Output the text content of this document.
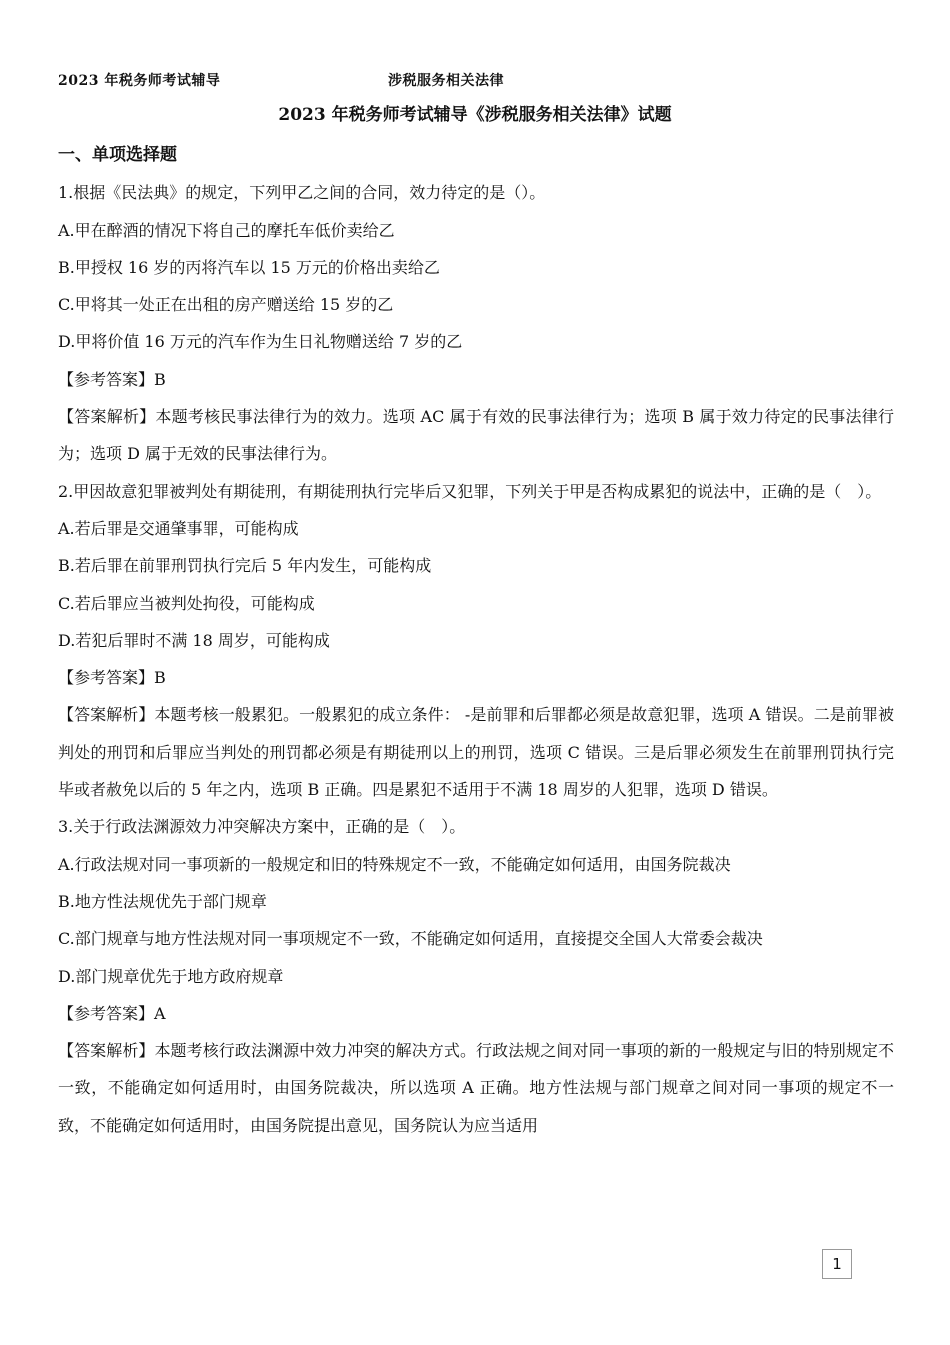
2023 年税务师考试辅导	涉税服务相关法律
2023 年税务师考试辅导《涉税服务相关法律》试题

一、单项选择题

1.根据《民法典》的规定，下列甲乙之间的合同，效力待定的是（）。

A.甲在醉酒的情况下将自己的摩托车低价卖给乙

B.甲授权 16 岁的丙将汽车以 15 万元的价格出卖给乙

C.甲将其一处正在出租的房产赠送给 15 岁的乙

D.甲将价值 16 万元的汽车作为生日礼物赠送给 7 岁的乙

【参考答案】B

【答案解析】本题考核民事法律行为的效力。选项 AC 属于有效的民事法律行为；选项 B 属于效力待定的民事法律行为；选项 D 属于无效的民事法律行为。

2.甲因故意犯罪被判处有期徒刑，有期徒刑执行完毕后又犯罪，下列关于甲是否构成累犯的说法中，正确的是（　）。

A.若后罪是交通肇事罪，可能构成

B.若后罪在前罪刑罚执行完后 5 年内发生，可能构成

C.若后罪应当被判处拘役，可能构成

D.若犯后罪时不满 18 周岁，可能构成

【参考答案】B

【答案解析】本题考核一般累犯。一般累犯的成立条件： -是前罪和后罪都必须是故意犯罪，选项 A 错误。二是前罪被判处的刑罚和后罪应当判处的刑罚都必须是有期徒刑以上的刑罚，选项 C 错误。三是后罪必须发生在前罪刑罚执行完毕或者赦免以后的 5 年之内，选项 B 正确。四是累犯不适用于不满 18 周岁的人犯罪，选项 D 错误。

3.关于行政法渊源效力冲突解决方案中，正确的是（　）。

A.行政法规对同一事项新的一般规定和旧的特殊规定不一致，不能确定如何适用，由国务院裁决

B.地方性法规优先于部门规章

C.部门规章与地方性法规对同一事项规定不一致，不能确定如何适用，直接提交全国人大常委会裁决

D.部门规章优先于地方政府规章

【参考答案】A

【答案解析】本题考核行政法渊源中效力冲突的解决方式。行政法规之间对同一事项的新的一般规定与旧的特别规定不一致，不能确定如何适用时，由国务院裁决，所以选项 A 正确。地方性法规与部门规章之间对同一事项的规定不一致，不能确定如何适用时，由国务院提出意见，国务院认为应当适用

1
